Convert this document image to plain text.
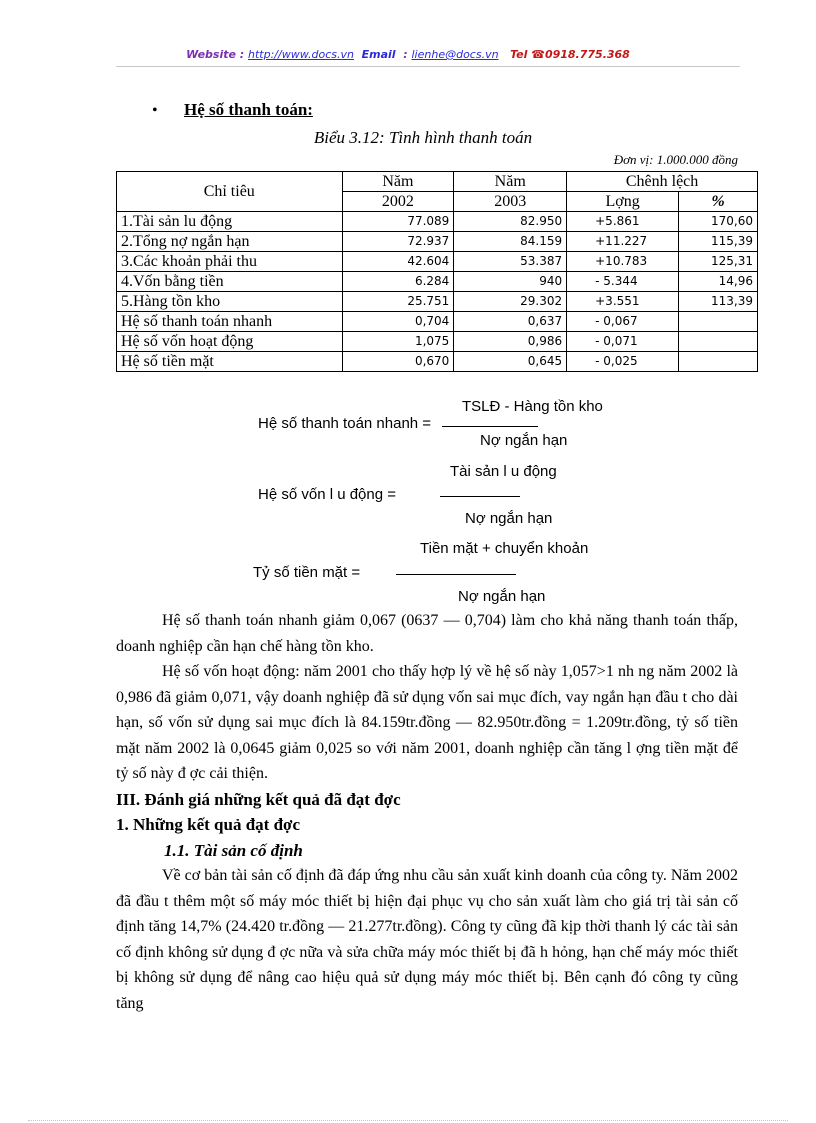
Website : http://www.docs.vn Email  : lienhe@docs.vn Tel ☎0918.775.368
• Hệ số thanh toán:
Biểu 3.12: Tình hình thanh toán
Đơn vị: 1.000.000 đồng
Chỉ tiêu	Năm	Năm	Chênh lệch	
	2002	2003	Lợng	%
1.Tài sản lu động	77.089	82.950	+5.861	170,60
2.Tổng nợ ngắn hạn	72.937	84.159	+11.227	115,39
3.Các khoản phải thu	42.604	53.387	+10.783	125,31
4.Vốn bằng tiền	6.284	940	- 5.344	14,96
5.Hàng tồn kho	25.751	29.302	+3.551	113,39
Hệ số thanh toán nhanh	0,704	0,637	- 0,067	
Hệ số vốn hoạt động	1,075	0,986	- 0,071	
Hệ số tiền mặt	0,670	0,645	- 0,025	
TSLĐ - Hàng tồn kho
Hệ số thanh toán nhanh =
Nợ ngắn hạn
Tài sản l u động
Hệ số vốn l u động =
Nợ ngắn hạn
Tiền mặt + chuyển khoản
Tỷ số tiền mặt =
Nợ ngắn hạn
Hệ số thanh toán nhanh giảm 0,067 (0637 — 0,704) làm cho khả năng thanh toán thấp, doanh nghiệp cần hạn chế hàng tồn kho.
Hệ số vốn hoạt động: năm 2001 cho thấy hợp lý về hệ số này 1,057>1 nh ng năm 2002 là 0,986 đã giảm 0,071, vậy doanh nghiệp đã sử dụng vốn sai mục đích, vay ngắn hạn đầu t cho dài hạn, số vốn sử dụng sai mục đích là 84.159tr.đồng — 82.950tr.đồng = 1.209tr.đồng, tỷ số tiền mặt năm 2002 là 0,0645 giảm 0,025 so với năm 2001, doanh nghiệp cần tăng l ợng tiền mặt để tỷ số này đ ợc cải thiện.
III. Đánh giá những kết quả đã đạt đợc
1. Những kết quả đạt đợc
1.1. Tài sản cố định
Về cơ bản tài sản cố định đã đáp ứng nhu cầu sản xuất kinh doanh của công ty. Năm 2002 đã đầu t thêm một số máy móc thiết bị hiện đại phục vụ cho sản xuất làm cho giá trị tài sản cố định tăng 14,7% (24.420 tr.đồng — 21.277tr.đồng). Công ty cũng đã kịp thời thanh lý các tài sản cố định không sử dụng đ ợc nữa và sửa chữa máy móc thiết bị đã h hỏng, hạn chế máy móc thiết bị không sử dụng để nâng cao hiệu quả sử dụng máy móc thiết bị. Bên cạnh đó công ty cũng tăng
